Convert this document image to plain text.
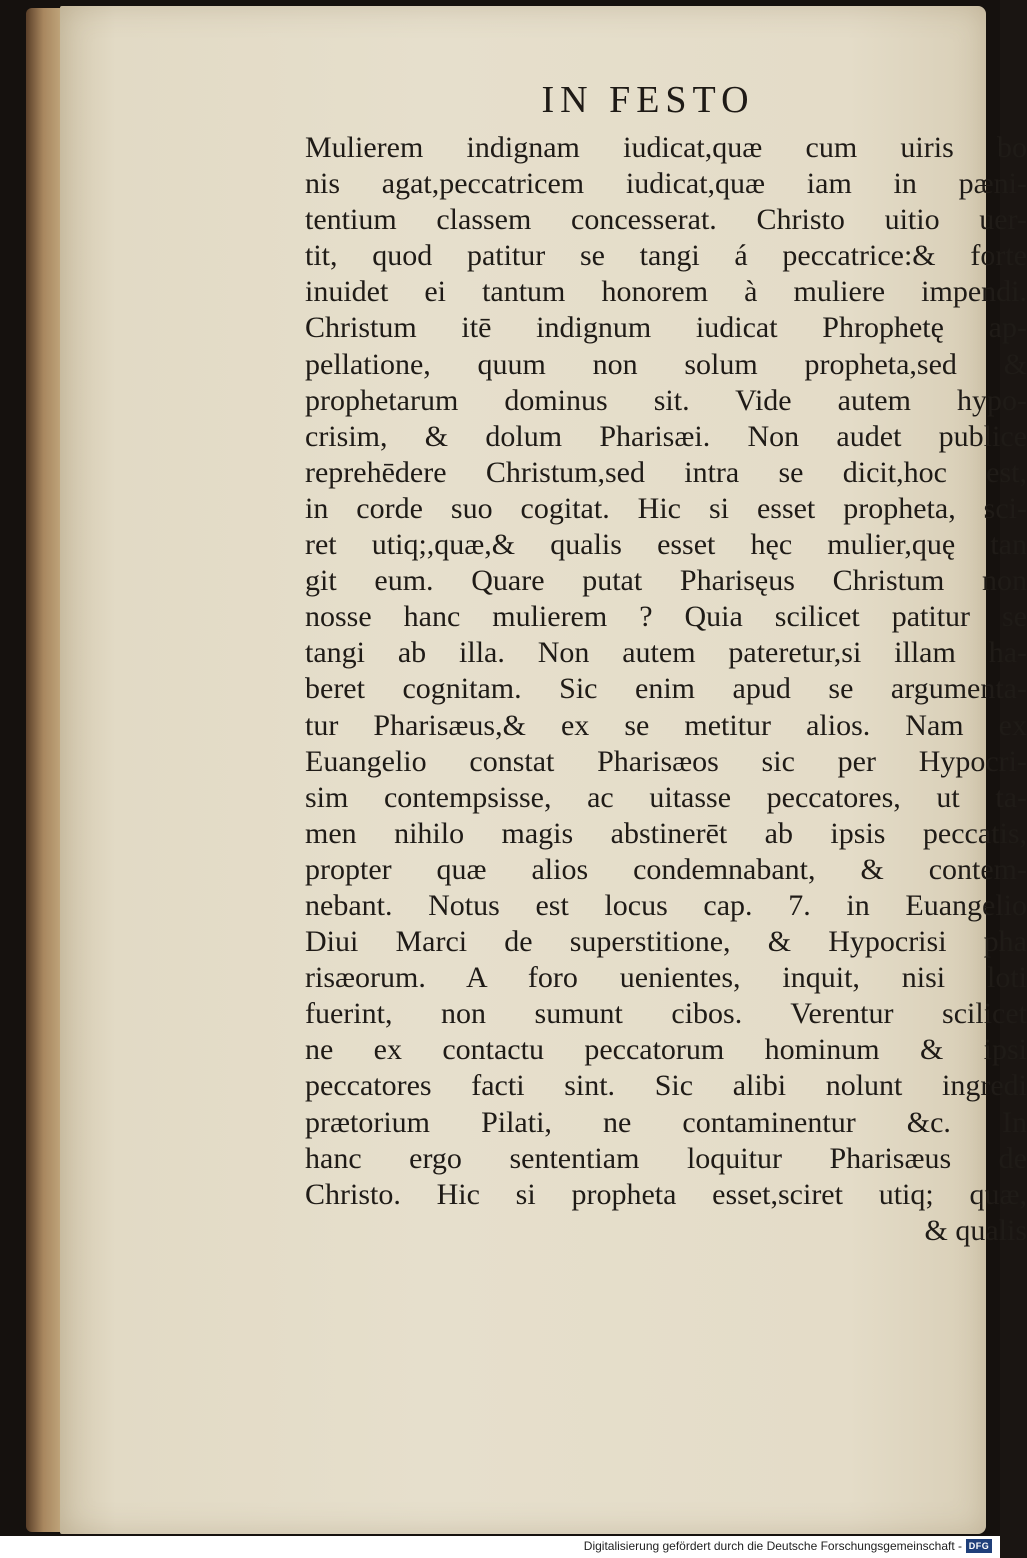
IN FESTO
Mulierem indignam iudicat,quæ cum uiris bo
nis agat,peccatricem iudicat,quæ iam in pæni-
tentium classem concesserat. Christo uitio uer-
tit, quod patitur se tangi á peccatrice:& forte
inuidet ei tantum honorem à muliere impendi.
Christum itē indignum iudicat Phrophetę ap-
pellatione, quum non solum propheta,sed &
prophetarum dominus sit. Vide autem hypo-
crisim, & dolum Pharisæi. Non audet publice
reprehēdere Christum,sed intra se dicit,hoc est,
in corde suo cogitat. Hic si esset propheta, sci-
ret utiq;,quæ,& qualis esset hęc mulier,quę tan
git eum. Quare putat Pharisęus Christum non
nosse hanc mulierem ? Quia scilicet patitur se
tangi ab illa. Non autem pateretur,si illam ha-
beret cognitam. Sic enim apud se argumenta-
tur Pharisæus,& ex se metitur alios. Nam ex
Euangelio constat Pharisæos sic per Hypocri-
sim contempsisse, ac uitasse peccatores, ut ta-
men nihilo magis abstinerēt ab ipsis peccatis,
propter quæ alios condemnabant, & contem-
nebant. Notus est locus cap. 7. in Euangelio
Diui Marci de superstitione, & Hypocrisi pha
risæorum. A foro uenientes, inquit, nisi loti
fuerint, non sumunt cibos. Verentur scilicet
ne ex contactu peccatorum hominum & ipsi
peccatores facti sint. Sic alibi nolunt ingredi
prætorium Pilati, ne contaminentur &c. In
hanc ergo sententiam loquitur Pharisæus de
Christo. Hic si propheta esset,sciret utiq; quæ,
& qualis
Digitalisierung gefördert durch die Deutsche Forschungsgemeinschaft - DFG
